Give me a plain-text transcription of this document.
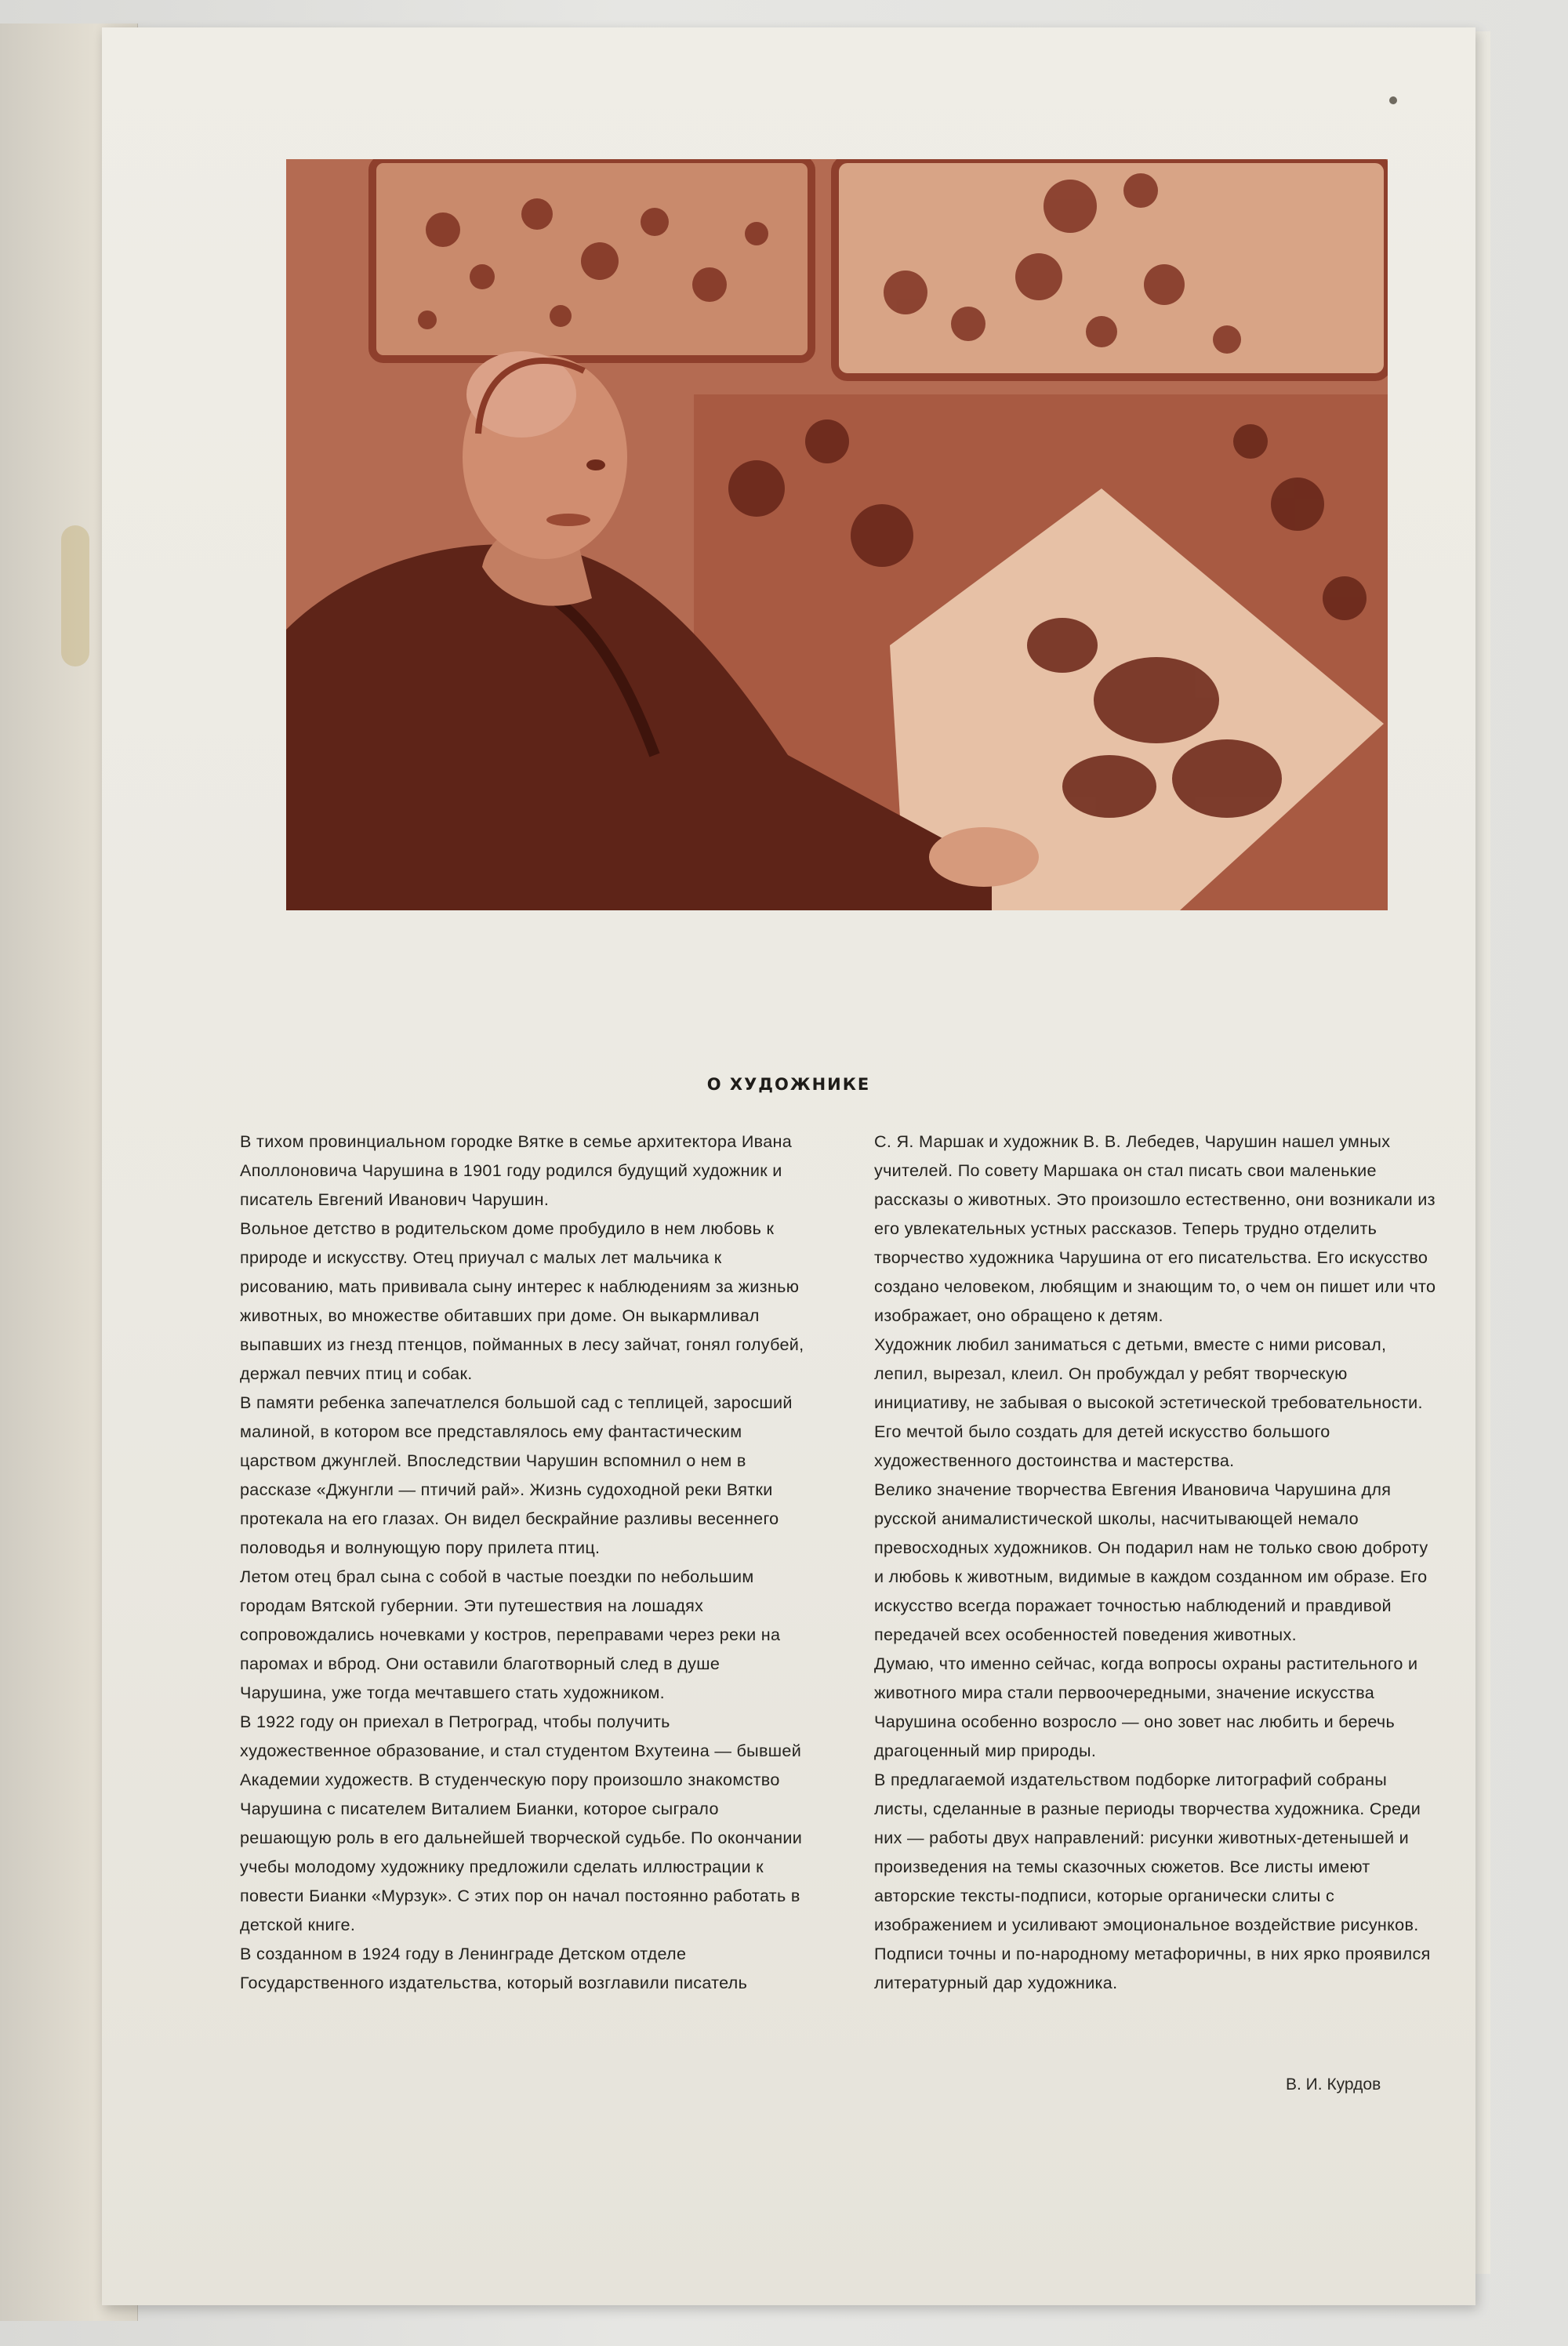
О ХУДОЖНИКЕ

В тихом провинциальном городке Вятке в семье архитектора Ивана Аполлоновича Чарушина в 1901 году родился будущий художник и писатель Евгений Иванович Чарушин.

Вольное детство в родительском доме пробудило в нем любовь к природе и искусству. Отец приучал с малых лет мальчика к рисованию, мать прививала сыну интерес к наблюдениям за жизнью животных, во множестве обитавших при доме. Он выкармливал выпавших из гнезд птенцов, пойманных в лесу зайчат, гонял голубей, держал певчих птиц и собак.

В памяти ребенка запечатлелся большой сад с теплицей, заросший малиной, в котором все представлялось ему фантастическим царством джунглей. Впоследствии Чарушин вспомнил о нем в рассказе «Джунгли — птичий рай». Жизнь судоходной реки Вятки протекала на его глазах. Он видел бескрайние разливы весеннего половодья и волнующую пору прилета птиц.

Летом отец брал сына с собой в частые поездки по небольшим городам Вятской губернии. Эти путешествия на лошадях сопровождались ночевками у костров, переправами через реки на паромах и вброд. Они оставили благотворный след в душе Чарушина, уже тогда мечтавшего стать художником.

В 1922 году он приехал в Петроград, чтобы получить художественное образование, и стал студентом Вхутеина — бывшей Академии художеств. В студенческую пору произошло знакомство Чарушина с писателем Виталием Бианки, которое сыграло решающую роль в его дальнейшей творческой судьбе. По окончании учебы молодому художнику предложили сделать иллюстрации к повести Бианки «Мурзук». С этих пор он начал постоянно работать в детской книге.

В созданном в 1924 году в Ленинграде Детском отделе Государственного издательства, который возглавили писатель

С. Я. Маршак и художник В. В. Лебедев, Чарушин нашел умных учителей. По совету Маршака он стал писать свои маленькие рассказы о животных. Это произошло естественно, они возникали из его увлекательных устных рассказов. Теперь трудно отделить творчество художника Чарушина от его писательства. Его искусство создано человеком, любящим и знающим то, о чем он пишет или что изображает, оно обращено к детям.

Художник любил заниматься с детьми, вместе с ними рисовал, лепил, вырезал, клеил. Он пробуждал у ребят творческую инициативу, не забывая о высокой эстетической требовательности. Его мечтой было создать для детей искусство большого художественного достоинства и мастерства.

Велико значение творчества Евгения Ивановича Чарушина для русской анималистической школы, насчитывающей немало превосходных художников. Он подарил нам не только свою доброту и любовь к животным, видимые в каждом созданном им образе. Его искусство всегда поражает точностью наблюдений и правдивой передачей всех особенностей поведения животных.

Думаю, что именно сейчас, когда вопросы охраны растительного и животного мира стали первоочередными, значение искусства Чарушина особенно возросло — оно зовет нас любить и беречь драгоценный мир природы.

В предлагаемой издательством подборке литографий собраны листы, сделанные в разные периоды творчества художника. Среди них — работы двух направлений: рисунки животных-детенышей и произведения на темы сказочных сюжетов. Все листы имеют авторские тексты-подписи, которые органически слиты с изображением и усиливают эмоциональное воздействие рисунков. Подписи точны и по-народному метафоричны, в них ярко проявился литературный дар художника.

В. И. Курдов
